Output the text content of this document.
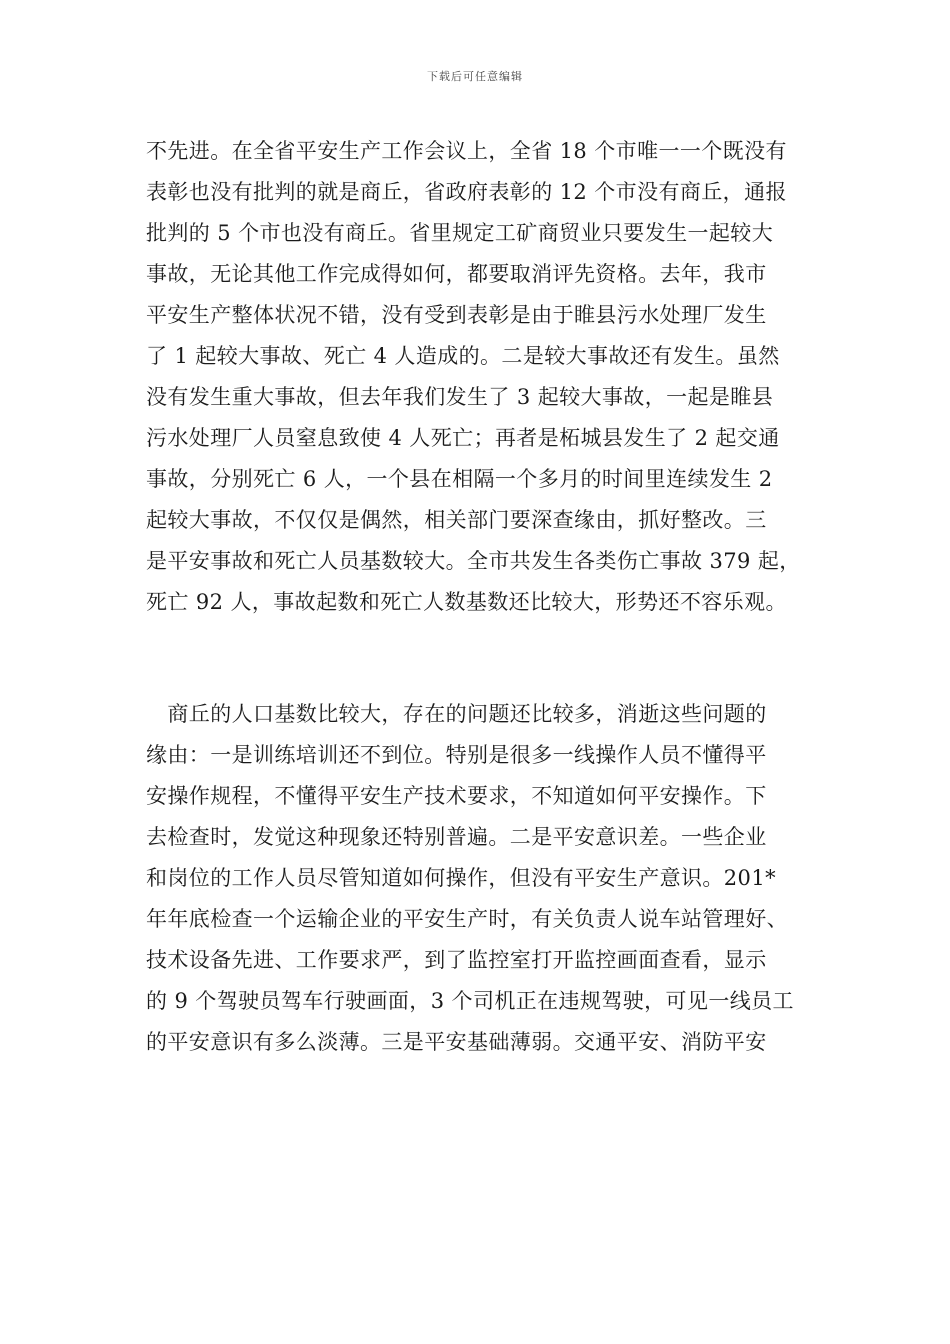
下载后可任意编辑
不先进。在全省平安生产工作会议上，全省 18 个市唯一一个既没有
表彰也没有批判的就是商丘，省政府表彰的 12 个市没有商丘，通报
批判的 5 个市也没有商丘。省里规定工矿商贸业只要发生一起较大
事故，无论其他工作完成得如何，都要取消评先资格。去年，我市
平安生产整体状况不错，没有受到表彰是由于睢县污水处理厂发生
了 1 起较大事故、死亡 4 人造成的。二是较大事故还有发生。虽然
没有发生重大事故，但去年我们发生了 3 起较大事故，一起是睢县
污水处理厂人员窒息致使 4 人死亡；再者是柘城县发生了 2 起交通
事故，分别死亡 6 人，一个县在相隔一个多月的时间里连续发生 2
起较大事故，不仅仅是偶然，相关部门要深查缘由，抓好整改。三
是平安事故和死亡人员基数较大。全市共发生各类伤亡事故 379 起，
死亡 92 人，事故起数和死亡人数基数还比较大，形势还不容乐观。
　商丘的人口基数比较大，存在的问题还比较多，消逝这些问题的
缘由：一是训练培训还不到位。特别是很多一线操作人员不懂得平
安操作规程，不懂得平安生产技术要求，不知道如何平安操作。下
去检查时，发觉这种现象还特别普遍。二是平安意识差。一些企业
和岗位的工作人员尽管知道如何操作，但没有平安生产意识。201*
年年底检查一个运输企业的平安生产时，有关负责人说车站管理好、
技术设备先进、工作要求严，到了监控室打开监控画面查看，显示
的 9 个驾驶员驾车行驶画面，3 个司机正在违规驾驶，可见一线员工
的平安意识有多么淡薄。三是平安基础薄弱。交通平安、消防平安
